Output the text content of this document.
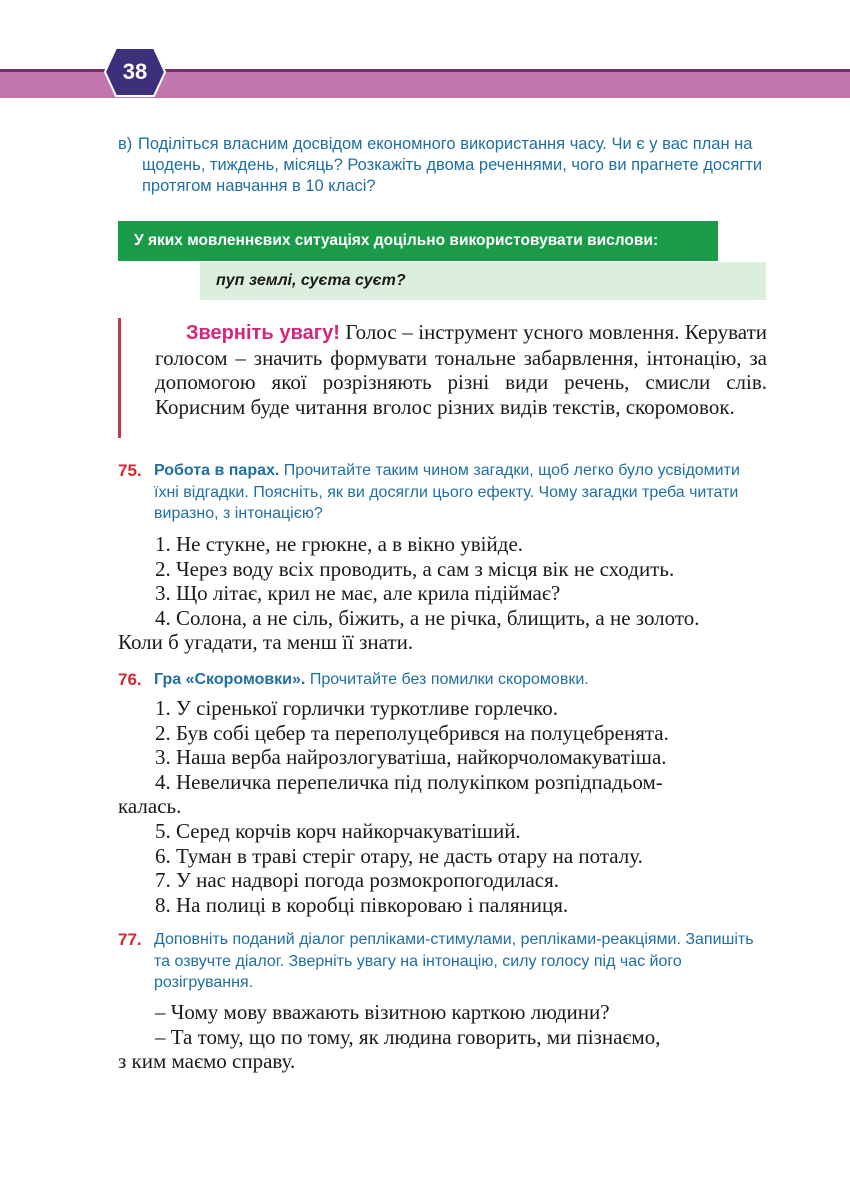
38
в) Поділіться власним досвідом економного використання часу. Чи є у вас план на щодень, тиждень, місяць? Розкажіть двома реченнями, чого ви прагнете досягти протягом навчання в 10 класі?
У яких мовленнєвих ситуаціях доцільно використовувати вислови:
пуп землі, суєта суєт?
Зверніть увагу! Голос – інструмент усного мовлення. Керувати голосом – значить формувати тональне забарвлення, інтонацію, за допомогою якої розрізняють різні види речень, смисли слів. Корисним буде читання вголос різних видів текстів, скоромовок.
75. Робота в парах. Прочитайте таким чином загадки, щоб легко було усвідомити їхні відгадки. Поясніть, як ви досягли цього ефекту. Чому загадки треба читати виразно, з інтонацією?
1. Не стукне, не грюкне, а в вікно увійде.
2. Через воду всіх проводить, а сам з місця вік не сходить.
3. Що літає, крил не має, але крила підіймає?
4. Солона, а не сіль, біжить, а не річка, блищить, а не золото.
Коли б угадати, та менш її знати.
76. Гра «Скоромовки». Прочитайте без помилки скоромовки.
1. У сіренької горлички туркотливе горлечко.
2. Був собі цебер та переполуцебрився на полуцебренята.
3. Наша верба найрозлогуватіша, найкорчоломакуватіша.
4. Невеличка перепеличка під полукіпком розпідпадьом-
калась.
5. Серед корчів корч найкорчакуватіший.
6. Туман в траві стеріг отару, не дасть отару на поталу.
7. У нас надворі погода розмокропогодилася.
8. На полиці в коробці півкороваю і паляниця.
77. Доповніть поданий діалог репліками-стимулами, репліками-реакціями. Запишіть та озвучте діалог. Зверніть увагу на інтонацію, силу голосу під час його розігрування.
– Чому мову вважають візитною карткою людини?
– Та тому, що по тому, як людина говорить, ми пізнаємо,
з ким маємо справу.
